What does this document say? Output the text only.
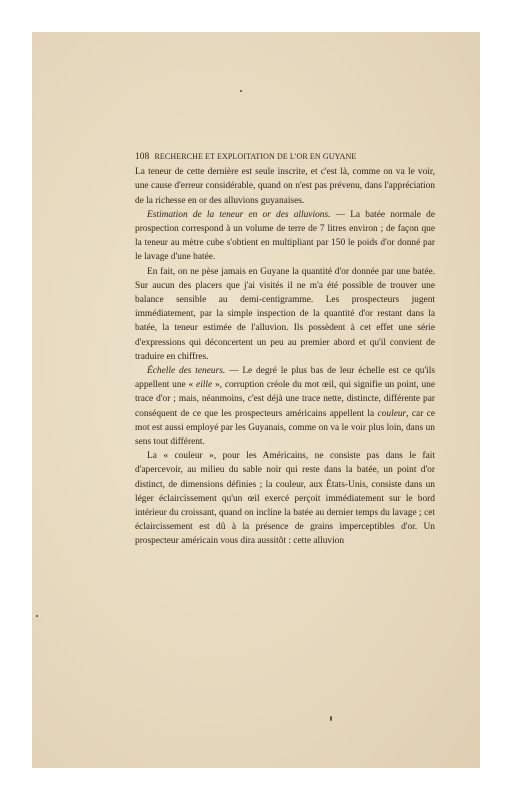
108 RECHERCHE ET EXPLOITATION DE L'OR EN GUYANE

La teneur de cette dernière est seule inscrite, et c'est là, comme on va le voir, une cause d'erreur considérable, quand on n'est pas prévenu, dans l'appréciation de la richesse en or des alluvions guyanaises.

Estimation de la teneur en or des alluvions. — La batée normale de prospection correspond à un volume de terre de 7 litres environ ; de façon que la teneur au mètre cube s'obtient en multipliant par 150 le poids d'or donné par le lavage d'une batée.

En fait, on ne pèse jamais en Guyane la quantité d'or donnée par une batée. Sur aucun des placers que j'ai visités il ne m'a été possible de trouver une balance sensible au demi-centigramme. Les prospecteurs jugent immédiatement, par la simple inspection de la quantité d'or restant dans la batée, la teneur estimée de l'alluvion. Ils possèdent à cet effet une série d'expressions qui déconcertent un peu au premier abord et qu'il convient de traduire en chiffres.

Échelle des teneurs. — Le degré le plus bas de leur échelle est ce qu'ils appellent une « eille », corruption créole du mot œil, qui signifie un point, une trace d'or ; mais, néanmoins, c'est déjà une trace nette, distincte, différente par conséquent de ce que les prospecteurs américains appellent la couleur, car ce mot est aussi employé par les Guyanais, comme on va le voir plus loin, dans un sens tout différent.

La « couleur », pour les Américains, ne consiste pas dans le fait d'apercevoir, au milieu du sable noir qui reste dans la batée, un point d'or distinct, de dimensions définies ; la couleur, aux États-Unis, consiste dans un léger éclaircissement qu'un œil exercé perçoit immédiatement sur le bord intérieur du croissant, quand on incline la batée au dernier temps du lavage ; cet éclaircissement est dû à la présence de grains imperceptibles d'or. Un prospecteur américain vous dira aussitôt : cette alluvion
